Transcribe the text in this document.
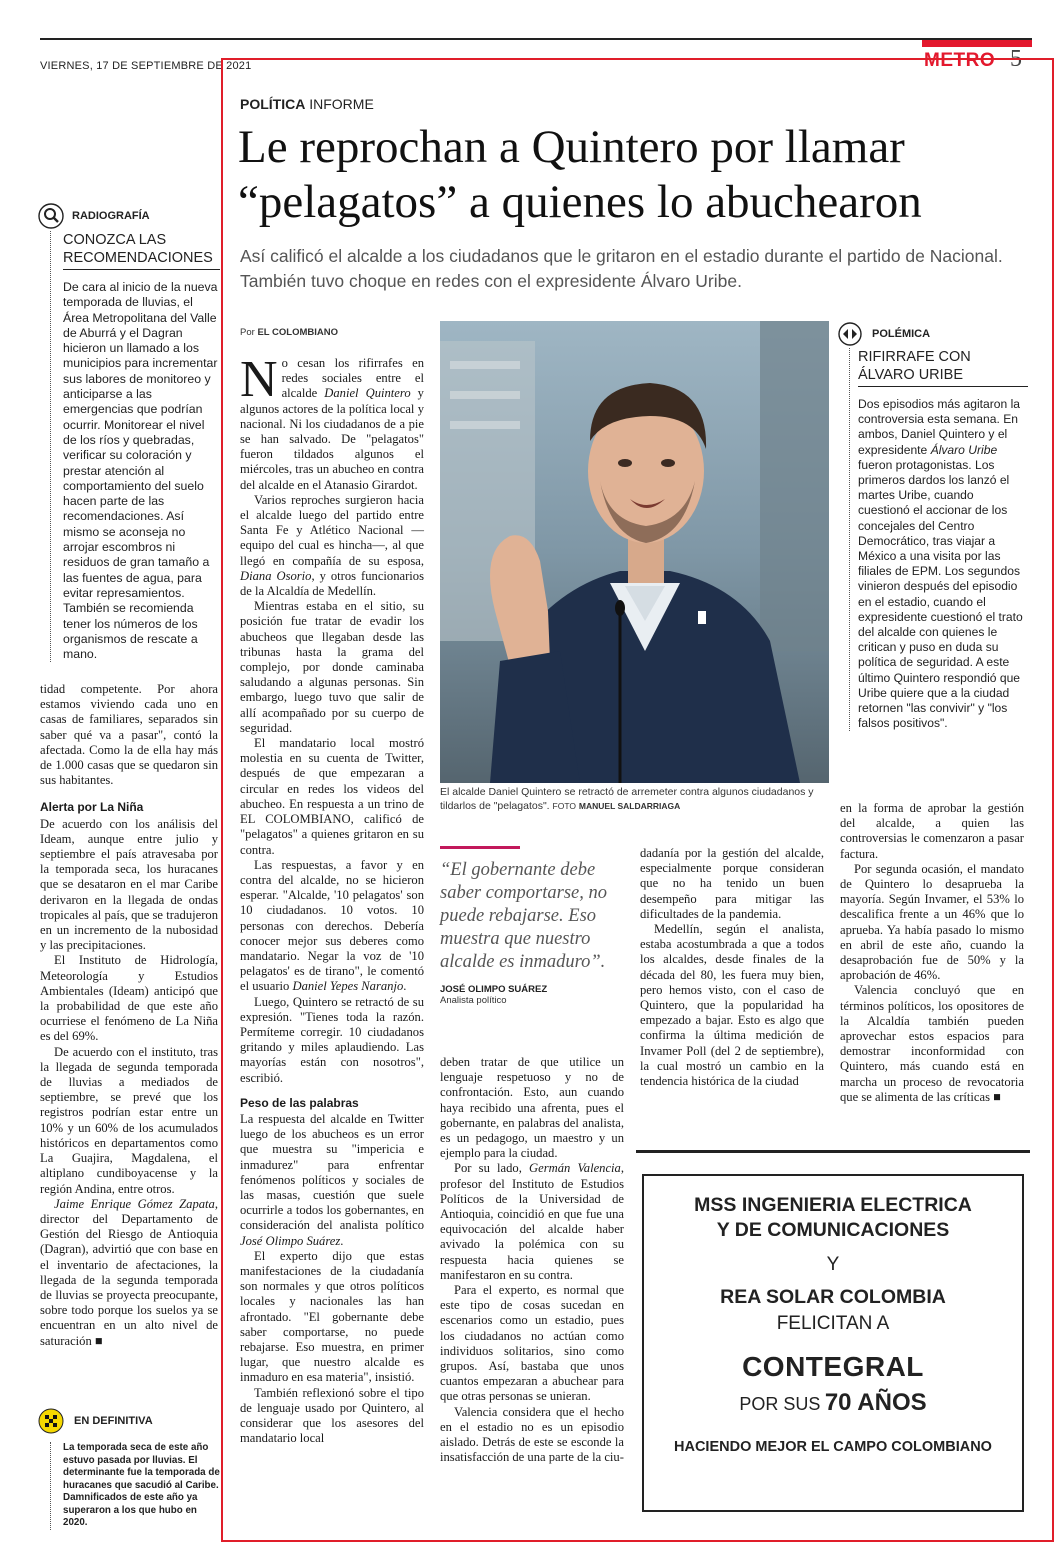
VIERNES, 17 DE SEPTIEMBRE DE 2021	METRO 5
RADIOGRAFÍA
CONOZCA LAS RECOMENDACIONES
De cara al inicio de la nueva temporada de lluvias, el Área Metropolitana del Valle de Aburrá y el Dagran hicieron un llamado a los municipios para incrementar sus labores de monitoreo y anticiparse a las emergencias que podrían ocurrir. Monitorear el nivel de los ríos y quebradas, verificar su coloración y prestar atención al comportamiento del suelo hacen parte de las recomendaciones. Así mismo se aconseja no arrojar escombros ni residuos de gran tamaño a las fuentes de agua, para evitar represamientos. También se recomienda tener los números de los organismos de rescate a mano.

tidad competente. Por ahora estamos viviendo cada uno en casas de familiares, separados sin saber qué va a pasar", contó la afectada. Como la de ella hay más de 1.000 casas que se quedaron sin sus habitantes.

Alerta por La Niña

De acuerdo con los análisis del Ideam, aunque entre julio y septiembre el país atravesaba por la temporada seca, los huracanes que se desataron en el mar Caribe derivaron en la llegada de ondas tropicales al país, que se tradujeron en un incremento de la nubosidad y las precipitaciones.

El Instituto de Hidrología, Meteorología y Estudios Ambientales (Ideam) anticipó que la probabilidad de que este año ocurriese el fenómeno de La Niña es del 69%.

De acuerdo con el instituto, tras la llegada de segunda temporada de lluvias a mediados de septiembre, se prevé que los registros podrían estar entre un 10% y un 60% de los acumulados históricos en departamentos como La Guajira, Magdalena, el altiplano cundiboyacense y la región Andina, entre otros.

Jaime Enrique Gómez Zapata, director del Departamento de Gestión del Riesgo de Antioquia (Dagran), advirtió que con base en el inventario de afectaciones, la llegada de la segunda temporada de lluvias se proyecta preocupante, sobre todo porque los suelos ya se encuentran en un alto nivel de saturación ■

EN DEFINITIVA
La temporada seca de este año estuvo pasada por lluvias. El determinante fue la temporada de huracanes que sacudió al Caribe. Damnificados de este año ya superaron a los que hubo en 2020.
POLÍTICA INFORME
Le reprochan a Quintero por llamar
“pelagatos” a quienes lo abuchearon
Así calificó el alcalde a los ciudadanos que le gritaron en el estadio durante el partido de Nacional. También tuvo choque en redes con el expresidente Álvaro Uribe.
Por EL COLOMBIANO

No cesan los rifirrafes en redes sociales entre el alcalde Daniel Quintero y algunos actores de la política local y nacional. Ni los ciudadanos de a pie se han salvado. De "pelagatos" fueron tildados algunos el miércoles, tras un abucheo en contra del alcalde en el Atanasio Girardot.

Varios reproches surgieron hacia el alcalde luego del partido entre Santa Fe y Atlético Nacional —equipo del cual es hincha—, al que llegó en compañía de su esposa, Diana Osorio, y otros funcionarios de la Alcaldía de Medellín.

Mientras estaba en el sitio, su posición fue tratar de evadir los abucheos que llegaban desde las tribunas hasta la grama del complejo, por donde caminaba saludando a algunas personas. Sin embargo, luego tuvo que salir de allí acompañado por su cuerpo de seguridad.

El mandatario local mostró molestia en su cuenta de Twitter, después de que empezaran a circular en redes los videos del abucheo. En respuesta a un trino de EL COLOMBIANO, calificó de "pelagatos" a quienes gritaron en su contra.

Las respuestas, a favor y en contra del alcalde, no se hicieron esperar. "Alcalde, '10 pelagatos' son 10 ciudadanos. 10 votos. 10 personas con derechos. Debería conocer mejor sus deberes como mandatario. Negar la voz de '10 pelagatos' es de tirano", le comentó el usuario Daniel Yepes Naranjo.

Luego, Quintero se retractó de su expresión. "Tienes toda la razón. Permíteme corregir. 10 ciudadanos gritando y miles aplaudiendo. Las mayorías están con nosotros", escribió.

Peso de las palabras

La respuesta del alcalde en Twitter luego de los abucheos es un error que muestra su "impericia e inmadurez" para enfrentar fenómenos políticos y sociales de las masas, cuestión que suele ocurrirle a todos los gobernantes, en consideración del analista político José Olimpo Suárez.

El experto dijo que estas manifestaciones de la ciudadanía son normales y que otros políticos locales y nacionales las han afrontado. "El gobernante debe saber comportarse, no puede rebajarse. Eso muestra, en primer lugar, que nuestro alcalde es inmaduro en esa materia", insistió.

También reflexionó sobre el tipo de lenguaje usado por Quintero, al considerar que los asesores del mandatario local

El alcalde Daniel Quintero se retractó de arremeter contra algunos ciudadanos y tildarlos de "pelagatos". FOTO MANUEL SALDARRIAGA
“El gobernante debe saber comportarse, no puede rebajarse. Eso muestra que nuestro alcalde es inmaduro”.
JOSÉ OLIMPO SUÁREZ
Analista político

deben tratar de que utilice un lenguaje respetuoso y no de confrontación. Esto, aun cuando haya recibido una afrenta, pues el gobernante, en palabras del analista, es un pedagogo, un maestro y un ejemplo para la ciudad.

Por su lado, Germán Valencia, profesor del Instituto de Estudios Políticos de la Universidad de Antioquia, coincidió en que fue una equivocación del alcalde haber avivado la polémica con su respuesta hacia quienes se manifestaron en su contra.

Para el experto, es normal que este tipo de cosas sucedan en escenarios como un estadio, pues los ciudadanos no actúan como individuos solitarios, sino como grupos. Así, bastaba que unos cuantos empezaran a abuchear para que otras personas se unieran.

Valencia considera que el hecho en el estadio no es un episodio aislado. Detrás de este se esconde la insatisfacción de una parte de la ciu-

dadanía por la gestión del alcalde, especialmente porque consideran que no ha tenido un buen desempeño para mitigar las dificultades de la pandemia.

Medellín, según el analista, estaba acostumbrada a que a todos los alcaldes, desde finales de la década del 80, les fuera muy bien, pero hemos visto, con el caso de Quintero, que la popularidad ha empezado a bajar. Esto es algo que confirma la última medición de Invamer Poll (del 2 de septiembre), la cual mostró un cambio en la tendencia histórica de la ciudad

en la forma de aprobar la gestión del alcalde, a quien las controversias le comenzaron a pasar factura.

Por segunda ocasión, el mandato de Quintero lo desaprueba la mayoría. Según Invamer, el 53% lo descalifica frente a un 46% que lo aprueba. Ya había pasado lo mismo en abril de este año, cuando la desaprobación fue de 50% y la aprobación de 46%.

Valencia concluyó que en términos políticos, los opositores de la Alcaldía también pueden aprovechar estos espacios para demostrar inconformidad con Quintero, más cuando está en marcha un proceso de revocatoria que se alimenta de las críticas ■

POLÉMICA
RIFIRRAFE CON
ÁLVARO URIBE
Dos episodios más agitaron la controversia esta semana. En ambos, Daniel Quintero y el expresidente Álvaro Uribe fueron protagonistas. Los primeros dardos los lanzó el martes Uribe, cuando cuestionó el accionar de los concejales del Centro Democrático, tras viajar a México a una visita por las filiales de EPM. Los segundos vinieron después del episodio en el estadio, cuando el expresidente cuestionó el trato del alcalde con quienes le critican y puso en duda su política de seguridad. A este último Quintero respondió que Uribe quiere que a la ciudad retornen "las convivir" y "los falsos positivos".
MSS INGENIERIA ELECTRICA
Y DE COMUNICACIONES
Y
REA SOLAR COLOMBIA
FELICITAN A
CONTEGRAL
POR SUS 70 AÑOS
HACIENDO MEJOR EL CAMPO COLOMBIANO
